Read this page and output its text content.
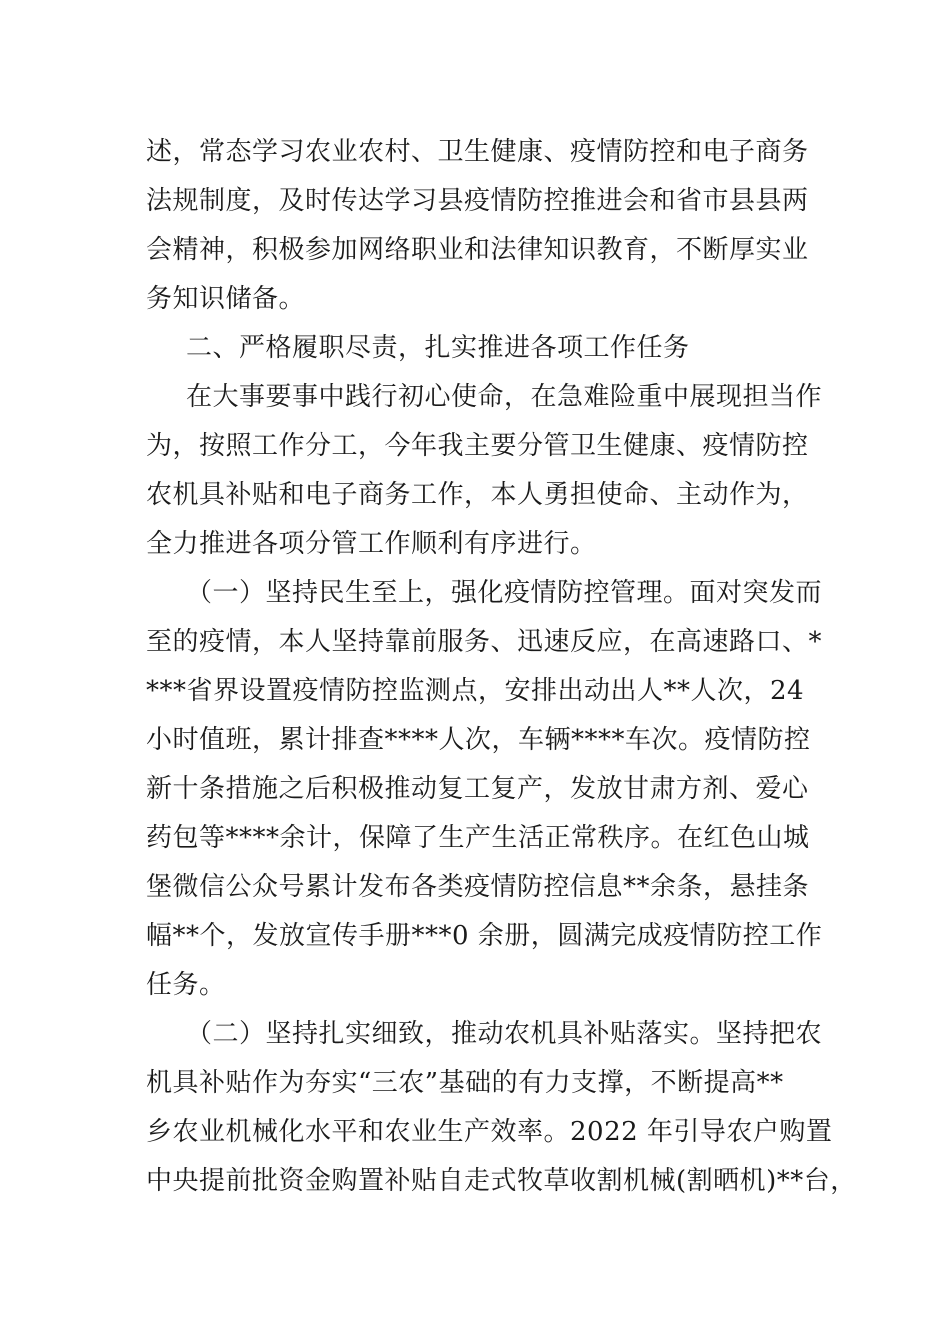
述，常态学习农业农村、卫生健康、疫情防控和电子商务
法规制度，及时传达学习县疫情防控推进会和省市县县两
会精神，积极参加网络职业和法律知识教育，不断厚实业
务知识储备。
二、严格履职尽责，扎实推进各项工作任务
在大事要事中践行初心使命，在急难险重中展现担当作
为，按照工作分工，今年我主要分管卫生健康、疫情防控
农机具补贴和电子商务工作，本人勇担使命、主动作为，
全力推进各项分管工作顺利有序进行。
（一）坚持民生至上，强化疫情防控管理。面对突发而
至的疫情，本人坚持靠前服务、迅速反应，在高速路口、*
***省界设置疫情防控监测点，安排出动出人**人次，24
小时值班，累计排查****人次，车辆****车次。疫情防控
新十条措施之后积极推动复工复产，发放甘肃方剂、爱心
药包等****余计，保障了生产生活正常秩序。在红色山城
堡微信公众号累计发布各类疫情防控信息**余条，悬挂条
幅**个，发放宣传手册***0 余册，圆满完成疫情防控工作
任务。
（二）坚持扎实细致，推动农机具补贴落实。坚持把农
机具补贴作为夯实“三农”基础的有力支撑，不断提高**
乡农业机械化水平和农业生产效率。2022 年引导农户购置
中央提前批资金购置补贴自走式牧草收割机械(割晒机)**台，
